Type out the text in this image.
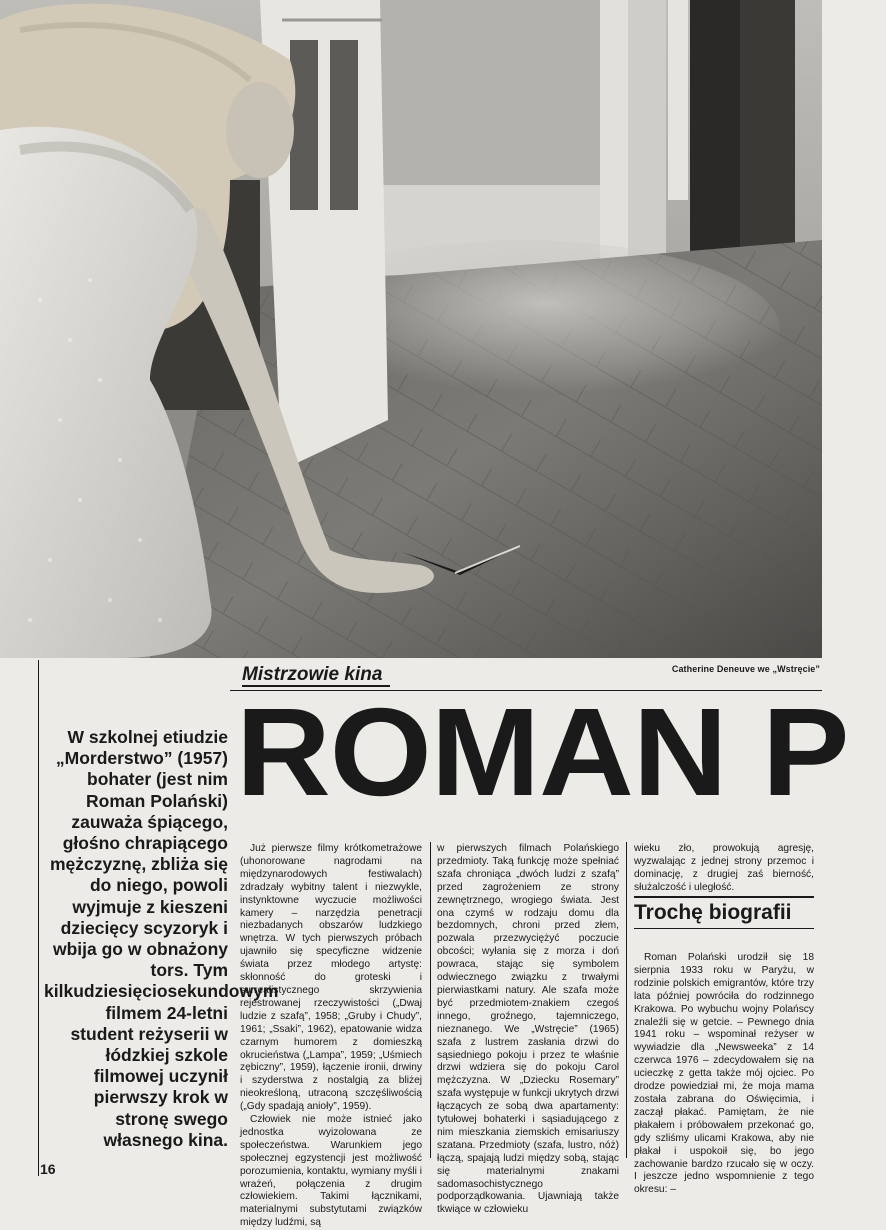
Catherine Deneuve we „Wstręcie”
Mistrzowie kina
ROMAN P
W szkolnej etiudzie „Morderstwo” (1957) bohater (jest nim Roman Polański) zauważa śpiącego, głośno chrapiącego mężczyznę, zbliża się do niego, powoli wyjmuje z kieszeni dziecięcy scyzoryk i wbija go w obnażony tors. Tym kilkudziesięciosekundowym filmem 24-letni student reżyserii w łódzkiej szkole filmowej uczynił pierwszy krok w stronę swego własnego kina.

Już pierwsze filmy krótkometrażowe (uhonorowane nagrodami na międzynarodowych festiwalach) zdradzały wybitny talent i niezwykle, instynktowne wyczucie możliwości kamery – narzędzia penetracji niezbadanych obszarów ludzkiego wnętrza. W tych pierwszych próbach ujawniło się specyficzne widzenie świata przez młodego artystę: skłonność do groteski i surrealistycznego skrzywienia rejestrowanej rzeczywistości („Dwaj ludzie z szafą”, 1958; „Gruby i Chudy”, 1961; „Ssaki”, 1962), epatowanie widza czarnym humorem z domieszką okrucieństwa („Lampa”, 1959; „Uśmiech zębiczny”, 1959), łączenie ironii, drwiny i szyderstwa z nostalgią za bliżej nieokreśloną, utraconą szczęśliwością („Gdy spadają anioły”, 1959).

Człowiek nie może istnieć jako jednostka wyizolowana ze społeczeństwa. Warunkiem jego społecznej egzystencji jest możliwość porozumienia, kontaktu, wymiany myśli i wrażeń, połączenia z drugim człowiekiem. Takimi łącznikami, materialnymi substytutami związków między ludźmi, są

w pierwszych filmach Polańskiego przedmioty. Taką funkcję może spełniać szafa chroniąca „dwóch ludzi z szafą” przed zagrożeniem ze strony zewnętrznego, wrogiego świata. Jest ona czymś w rodzaju domu dla bezdomnych, chroni przed złem, pozwala przezwyciężyć poczucie obcości; wyłania się z morza i doń powraca, stając się symbolem odwiecznego związku z trwałymi pierwiastkami natury. Ale szafa może być przedmiotem-znakiem czegoś innego, groźnego, tajemniczego, nieznanego. We „Wstręcie” (1965) szafa z lustrem zasłania drzwi do sąsiedniego pokoju i przez te właśnie drzwi wdziera się do pokoju Carol mężczyzna. W „Dziecku Rosemary” szafa występuje w funkcji ukrytych drzwi łączących ze sobą dwa apartamenty: tytułowej bohaterki i sąsiadującego z nim mieszkania ziemskich emisariuszy szatana. Przedmioty (szafa, lustro, nóż) łączą, spajają ludzi między sobą, stając się materialnymi znakami sadomasochistycznego podporządkowania. Ujawniają także tkwiące w człowieku

wieku zło, prowokują agresję, wyzwalając z jednej strony przemoc i dominację, z drugiej zaś bierność, służalczość i uległość.

Trochę biografii

Roman Polański urodził się 18 sierpnia 1933 roku w Paryżu, w rodzinie polskich emigrantów, które trzy lata później powróciła do rodzinnego Krakowa. Po wybuchu wojny Polańscy znaleźli się w getcie. – Pewnego dnia 1941 roku – wspominał reżyser w wywiadzie dla „Newsweeka” z 14 czerwca 1976 – zdecydowałem się na ucieczkę z getta także mój ojciec. Po drodze powiedział mi, że moja mama została zabrana do Oświęcimia, i zaczął płakać. Pamiętam, że nie płakałem i próbowałem przekonać go, gdy szliśmy ulicami Krakowa, aby nie płakał i uspokoił się, bo jego zachowanie bardzo rzucało się w oczy. I jeszcze jedno wspomnienie z tego okresu: –

16
